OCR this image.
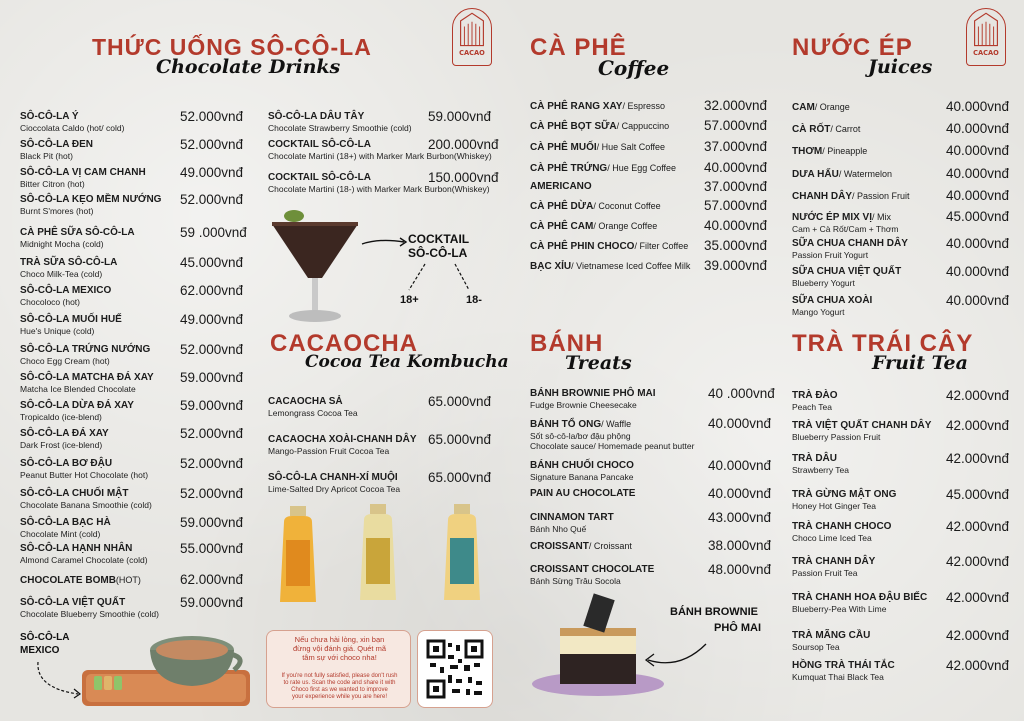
CACAO	CACAO
THỨC UỐNG SÔ-CÔ-LA
Chocolate Drinks
CÀ PHÊ
Coffee
NƯỚC ÉP
Juices
CACAOCHA
Cocoa Tea Kombucha
BÁNH
Treats
TRÀ TRÁI CÂY
Fruit Tea
SÔ-CÔ-LA Ý
Cioccolata Caldo (hot/ cold)
52.000vnđ
SÔ-CÔ-LA ĐEN
Black Pit (hot)
52.000vnđ
SÔ-CÔ-LA VỊ CAM CHANH
Bitter Citron (hot)
49.000vnđ
SÔ-CÔ-LA KẸO MỀM NƯỚNG
Burnt S'mores (hot)
52.000vnđ
CÀ PHÊ SỮA SÔ-CÔ-LA
Midnight Mocha (cold)
59 .000vnđ
TRÀ SỮA SÔ-CÔ-LA
Choco Milk-Tea (cold)
45.000vnđ
SÔ-CÔ-LA MEXICO
Chocoloco (hot)
62.000vnđ
SÔ-CÔ-LA MUỐI HUẾ
Hue's Unique (cold)
49.000vnđ
SÔ-CÔ-LA TRỨNG NƯỚNG
Choco Egg Cream (hot)
52.000vnđ
SÔ-CÔ-LA MATCHA ĐÁ XAY
Matcha Ice Blended Chocolate
59.000vnđ
SÔ-CÔ-LA DỪA ĐÁ XAY
Tropicaldo (ice-blend)
59.000vnđ
SÔ-CÔ-LA ĐÁ XAY
Dark Frost (ice-blend)
52.000vnđ
SÔ-CÔ-LA BƠ ĐẬU
Peanut Butter Hot Chocolate (hot)
52.000vnđ
SÔ-CÔ-LA CHUỐI MẬT
Chocolate Banana Smoothie (cold)
52.000vnđ
SÔ-CÔ-LA BẠC HÀ
Chocolate Mint (cold)
59.000vnđ
SÔ-CÔ-LA HẠNH NHÂN
Almond Caramel Chocolate (cold)
55.000vnđ
CHOCOLATE BOMB(HOT)	62.000vnđ
SÔ-CÔ-LA VIỆT QUẤT
Chocolate Blueberry Smoothie (cold)
59.000vnđ
SÔ-CÔ-LA DÂU TÂY
Chocolate Strawberry Smoothie (cold)
59.000vnđ
COCKTAIL SÔ-CÔ-LA
Chocolate Martini (18+) with Marker Mark Burbon(Whiskey)
200.000vnđ
COCKTAIL SÔ-CÔ-LA
Chocolate Martini (18-) with Marker Mark Burbon(Whiskey)
150.000vnđ
CACAOCHA SẢ
Lemongrass Cocoa Tea
65.000vnđ
CACAOCHA XOÀI-CHANH DÂY
Mango-Passion Fruit Cocoa Tea
65.000vnđ
SÔ-CÔ-LA CHANH-XÍ MUỘI
Lime-Salted Dry Apricot Cocoa Tea
65.000vnđ
CÀ PHÊ RANG XAY/ Espresso	32.000vnđ
CÀ PHÊ BỌT SỮA/ Cappuccino	57.000vnđ
CÀ PHÊ MUỐI/ Hue Salt Coffee	37.000vnđ
CÀ PHÊ TRỨNG/ Hue Egg Coffee 40.000vnđ
AMERICANO	37.000vnđ
CÀ PHÊ DỪA/ Coconut Coffee	57.000vnđ
CÀ PHÊ CAM/ Orange Coffee	40.000vnđ
CÀ PHÊ PHIN CHOCO/ Filter Coffee 35.000vnđ
BẠC XỈU/ Vietnamese Iced Coffee Milk 39.000vnđ
BÁNH BROWNIE PHÔ MAI
Fudge Brownie Cheesecake
40 .000vnđ
BÁNH TỔ ONG/ Waffle
Sốt sô-cô-la/bơ đậu phộng
Chocolate sauce/ Homemade peanut butter
40.000vnđ
BÁNH CHUỐI CHOCO
Signature Banana Pancake
40.000vnđ
PAIN AU CHOCOLATE	40.000vnđ
CINNAMON TART
Bánh Nho Quế
43.000vnđ
CROISSANT/ Croissant	38.000vnđ
CROISSANT CHOCOLATE
Bánh Sừng Trâu Socola
48.000vnđ
CAM/ Orange	40.000vnđ
CÀ RỐT/ Carrot	40.000vnđ
THƠM/ Pineapple	40.000vnđ
DƯA HẤU/ Watermelon	40.000vnđ
CHANH DÂY/ Passion Fruit	40.000vnđ
NƯỚC ÉP MIX VỊ/ Mix
Cam + Cà Rốt/Cam + Thơm
45.000vnđ
SỮA CHUA CHANH DÂY
Passion Fruit Yogurt
40.000vnđ
SỮA CHUA VIỆT QUẤT
Blueberry Yogurt
40.000vnđ
SỮA CHUA XOÀI
Mango Yogurt
40.000vnđ
TRÀ ĐÀO
Peach Tea
42.000vnđ
TRÀ VIỆT QUẤT CHANH DÂY
Blueberry Passion Fruit
42.000vnđ
TRÀ DÂU
Strawberry Tea
42.000vnđ
TRÀ GỪNG MẬT ONG
Honey Hot Ginger Tea
45.000vnđ
TRÀ CHANH CHOCO
Choco Lime Iced Tea
42.000vnđ
TRÀ CHANH DÂY
Passion Fruit Tea
42.000vnđ
TRÀ CHANH HOA ĐẬU BIẾC
Blueberry-Pea With Lime
42.000vnđ
TRÀ MÃNG CẦU
Soursop Tea
42.000vnđ
HỒNG TRÀ THÁI TẮC
Kumquat Thai Black Tea
42.000vnđ
COCKTAIL
SÔ-CÔ-LA
18+	18-
Nếu chưa hài lòng, xin bạn
đừng vội đánh giá. Quét mã
tâm sự với choco nha!
If you're not fully satisfied, please don't rush
to rate us. Scan the code and share it with
Choco first as we wanted to improve
your experience while you are here!
SÔ-CÔ-LA
MEXICO
BÁNH BROWNIE
PHÔ MAI
